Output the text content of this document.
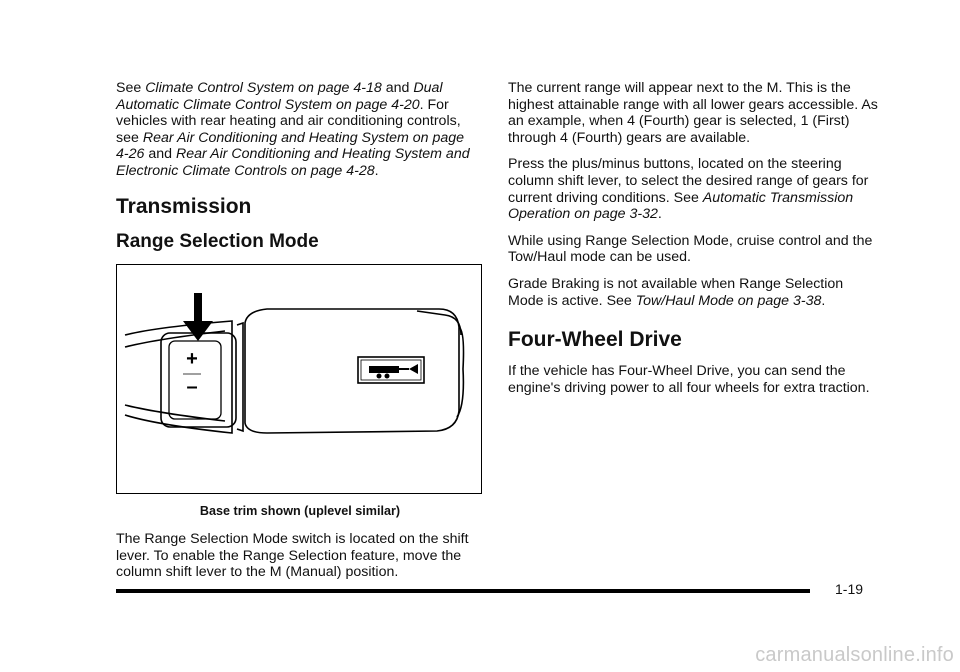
See Climate Control System on page 4‑18 and Dual Automatic Climate Control System on page 4‑20. For vehicles with rear heating and air conditioning controls, see Rear Air Conditioning and Heating System on page 4‑26 and Rear Air Conditioning and Heating System and Electronic Climate Controls on page 4‑28.

Transmission
Range Selection Mode
+
–
Base trim shown (uplevel similar)

The Range Selection Mode switch is located on the shift lever. To enable the Range Selection feature, move the column shift lever to the M (Manual) position.

The current range will appear next to the M. This is the highest attainable range with all lower gears accessible. As an example, when 4 (Fourth) gear is selected, 1 (First) through 4 (Fourth) gears are available.

Press the plus/minus buttons, located on the steering column shift lever, to select the desired range of gears for current driving conditions. See Automatic Transmission Operation on page 3‑32.

While using Range Selection Mode, cruise control and the Tow/Haul mode can be used.

Grade Braking is not available when Range Selection Mode is active. See Tow/Haul Mode on page 3‑38.

Four-Wheel Drive

If the vehicle has Four-Wheel Drive, you can send the engine's driving power to all four wheels for extra traction.

1-19
carmanualsonline.info
